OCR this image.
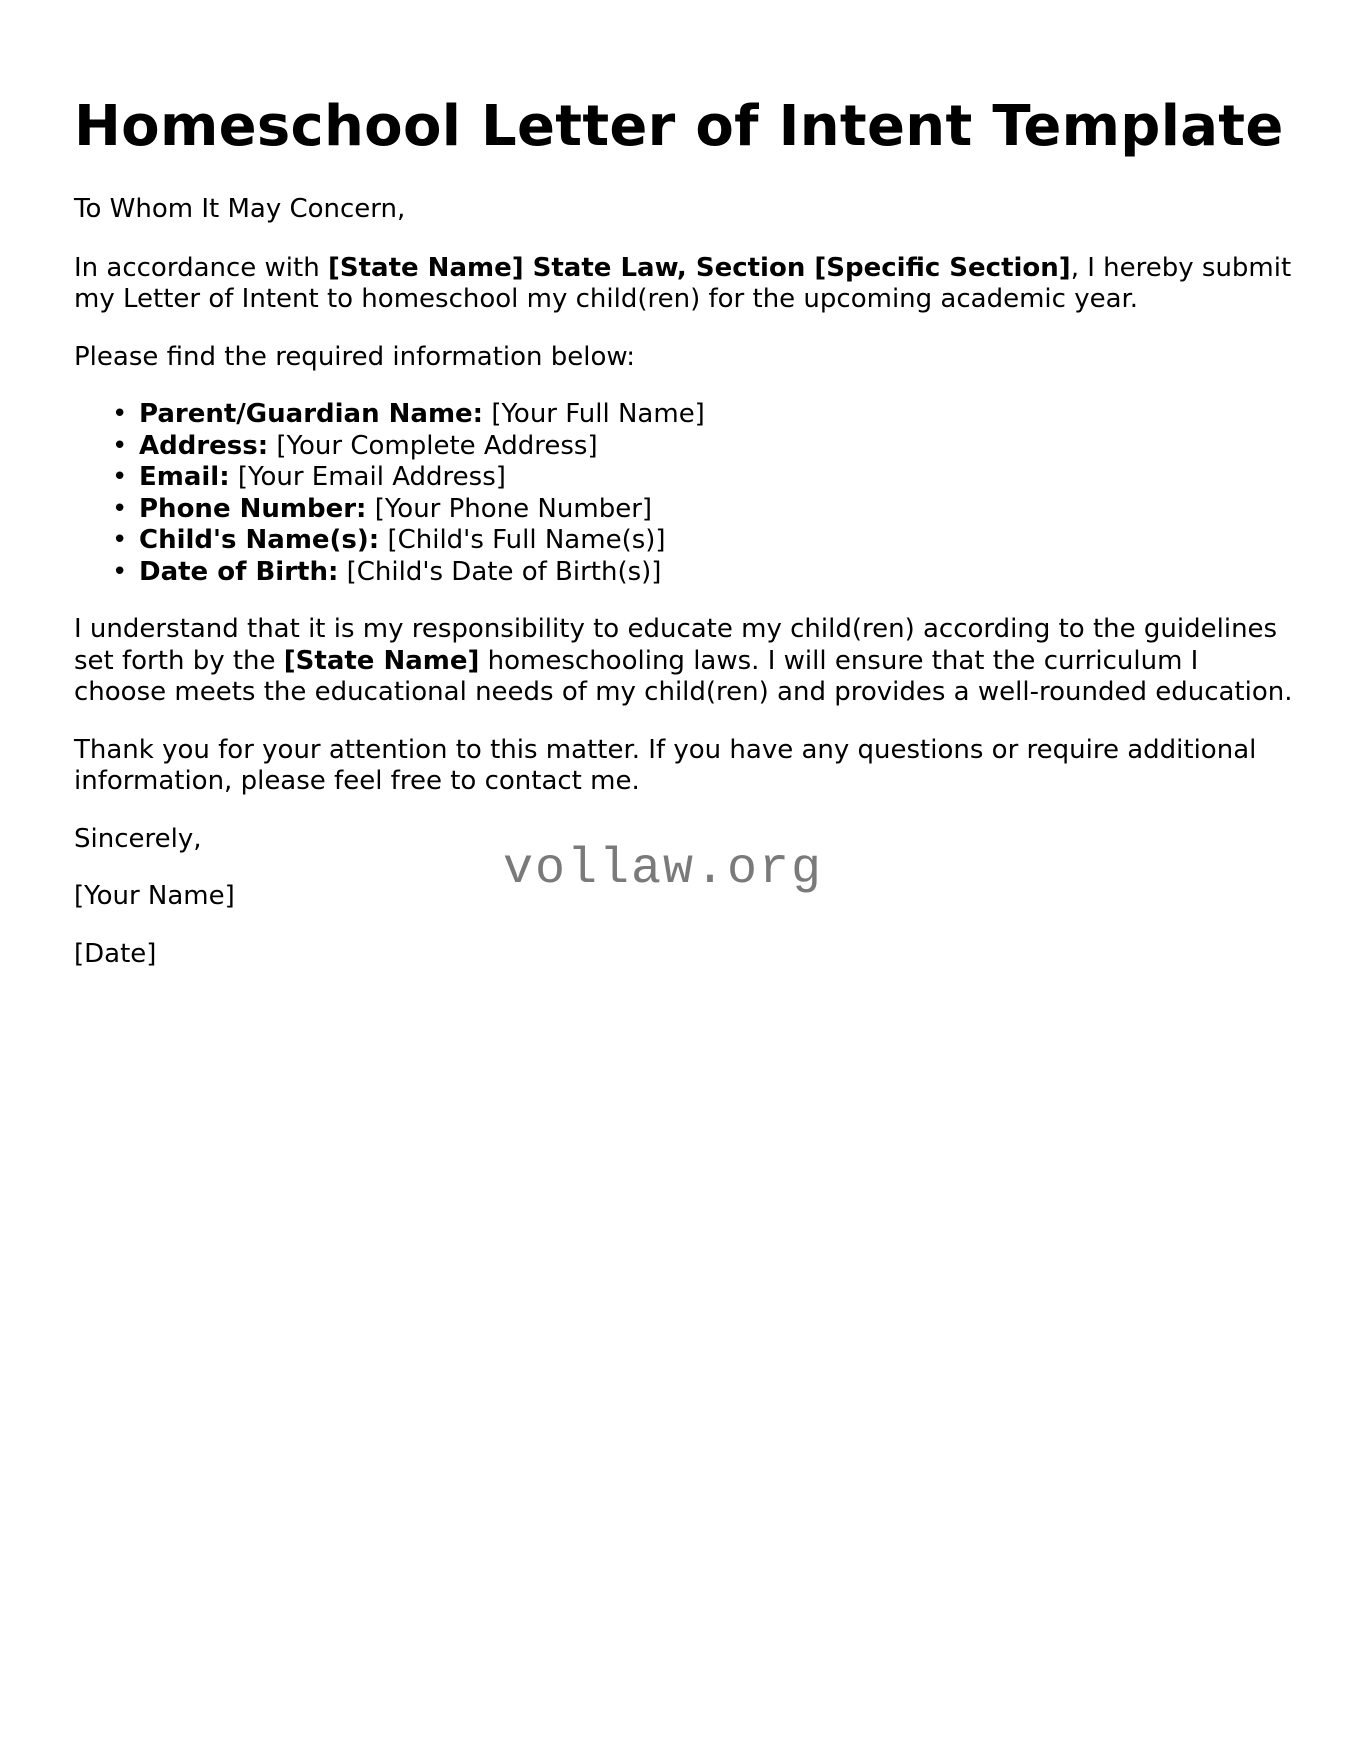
Homeschool Letter of Intent Template

To Whom It May Concern,

In accordance with [State Name] State Law, Section [Specific Section], I hereby submit my Letter of Intent to homeschool my child(ren) for the upcoming academic year.

Please find the required information below:

• Parent/Guardian Name: [Your Full Name]
• Address: [Your Complete Address]
• Email: [Your Email Address]
• Phone Number: [Your Phone Number]
• Child's Name(s): [Child's Full Name(s)]
• Date of Birth: [Child's Date of Birth(s)]

I understand that it is my responsibility to educate my child(ren) according to the guidelines set forth by the [State Name] homeschooling laws. I will ensure that the curriculum I choose meets the educational needs of my child(ren) and provides a well-rounded education.

Thank you for your attention to this matter. If you have any questions or require additional information, please feel free to contact me.

Sincerely,

[Your Name]

[Date]

vollaw.org
